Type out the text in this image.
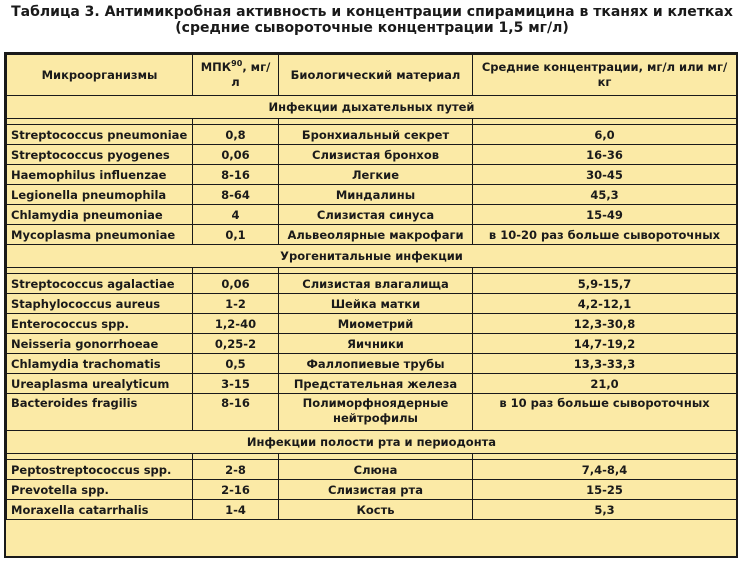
Таблица 3. Антимикробная активность и концентрации спирамицина в тканях и клетках
(средние сывороточные концентрации 1,5 мг/л)
Микроорганизмы	$МПК_{90}$, мг/л	Биологический материал	Средние концентрации, мг/л или мг/кг
Инфекции дыхательных путей			

Streptococcus pneumoniae	0,8	Бронхиальный секрет	6,0
Streptococcus pyogenes	0,06	Слизистая бронхов	16-36
Haemophilus influenzae	8-16	Легкие	30-45
Legionella pneumophila	8-64	Миндалины	45,3
Chlamydia pneumoniae	4	Слизистая синуса	15-49
Mycoplasma pneumoniae	0,1	Альвеолярные макрофаги	в 10-20 раз больше сывороточных
Урогенитальные инфекции			

Streptococcus agalactiae	0,06	Слизистая влагалища	5,9-15,7
Staphylococcus aureus	1-2	Шейка матки	4,2-12,1
Enterococcus spp.	1,2-40	Миометрий	12,3-30,8
Neisseria gonorrhoeae	0,25-2	Яичники	14,7-19,2
Chlamydia trachomatis	0,5	Фаллопиевые трубы	13,3-33,3
Ureaplasma urealyticum	3-15	Предстательная железа	21,0
Bacteroides fragilis	8-16	Полиморфноядерные нейтрофилы	в 10 раз больше сывороточных
Инфекции полости рта и периодонта			

Peptostreptococcus spp.	2-8	Слюна	7,4-8,4
Prevotella spp.	2-16	Слизистая рта	15-25
Moraxella catarrhalis	1-4	Кость	5,3
